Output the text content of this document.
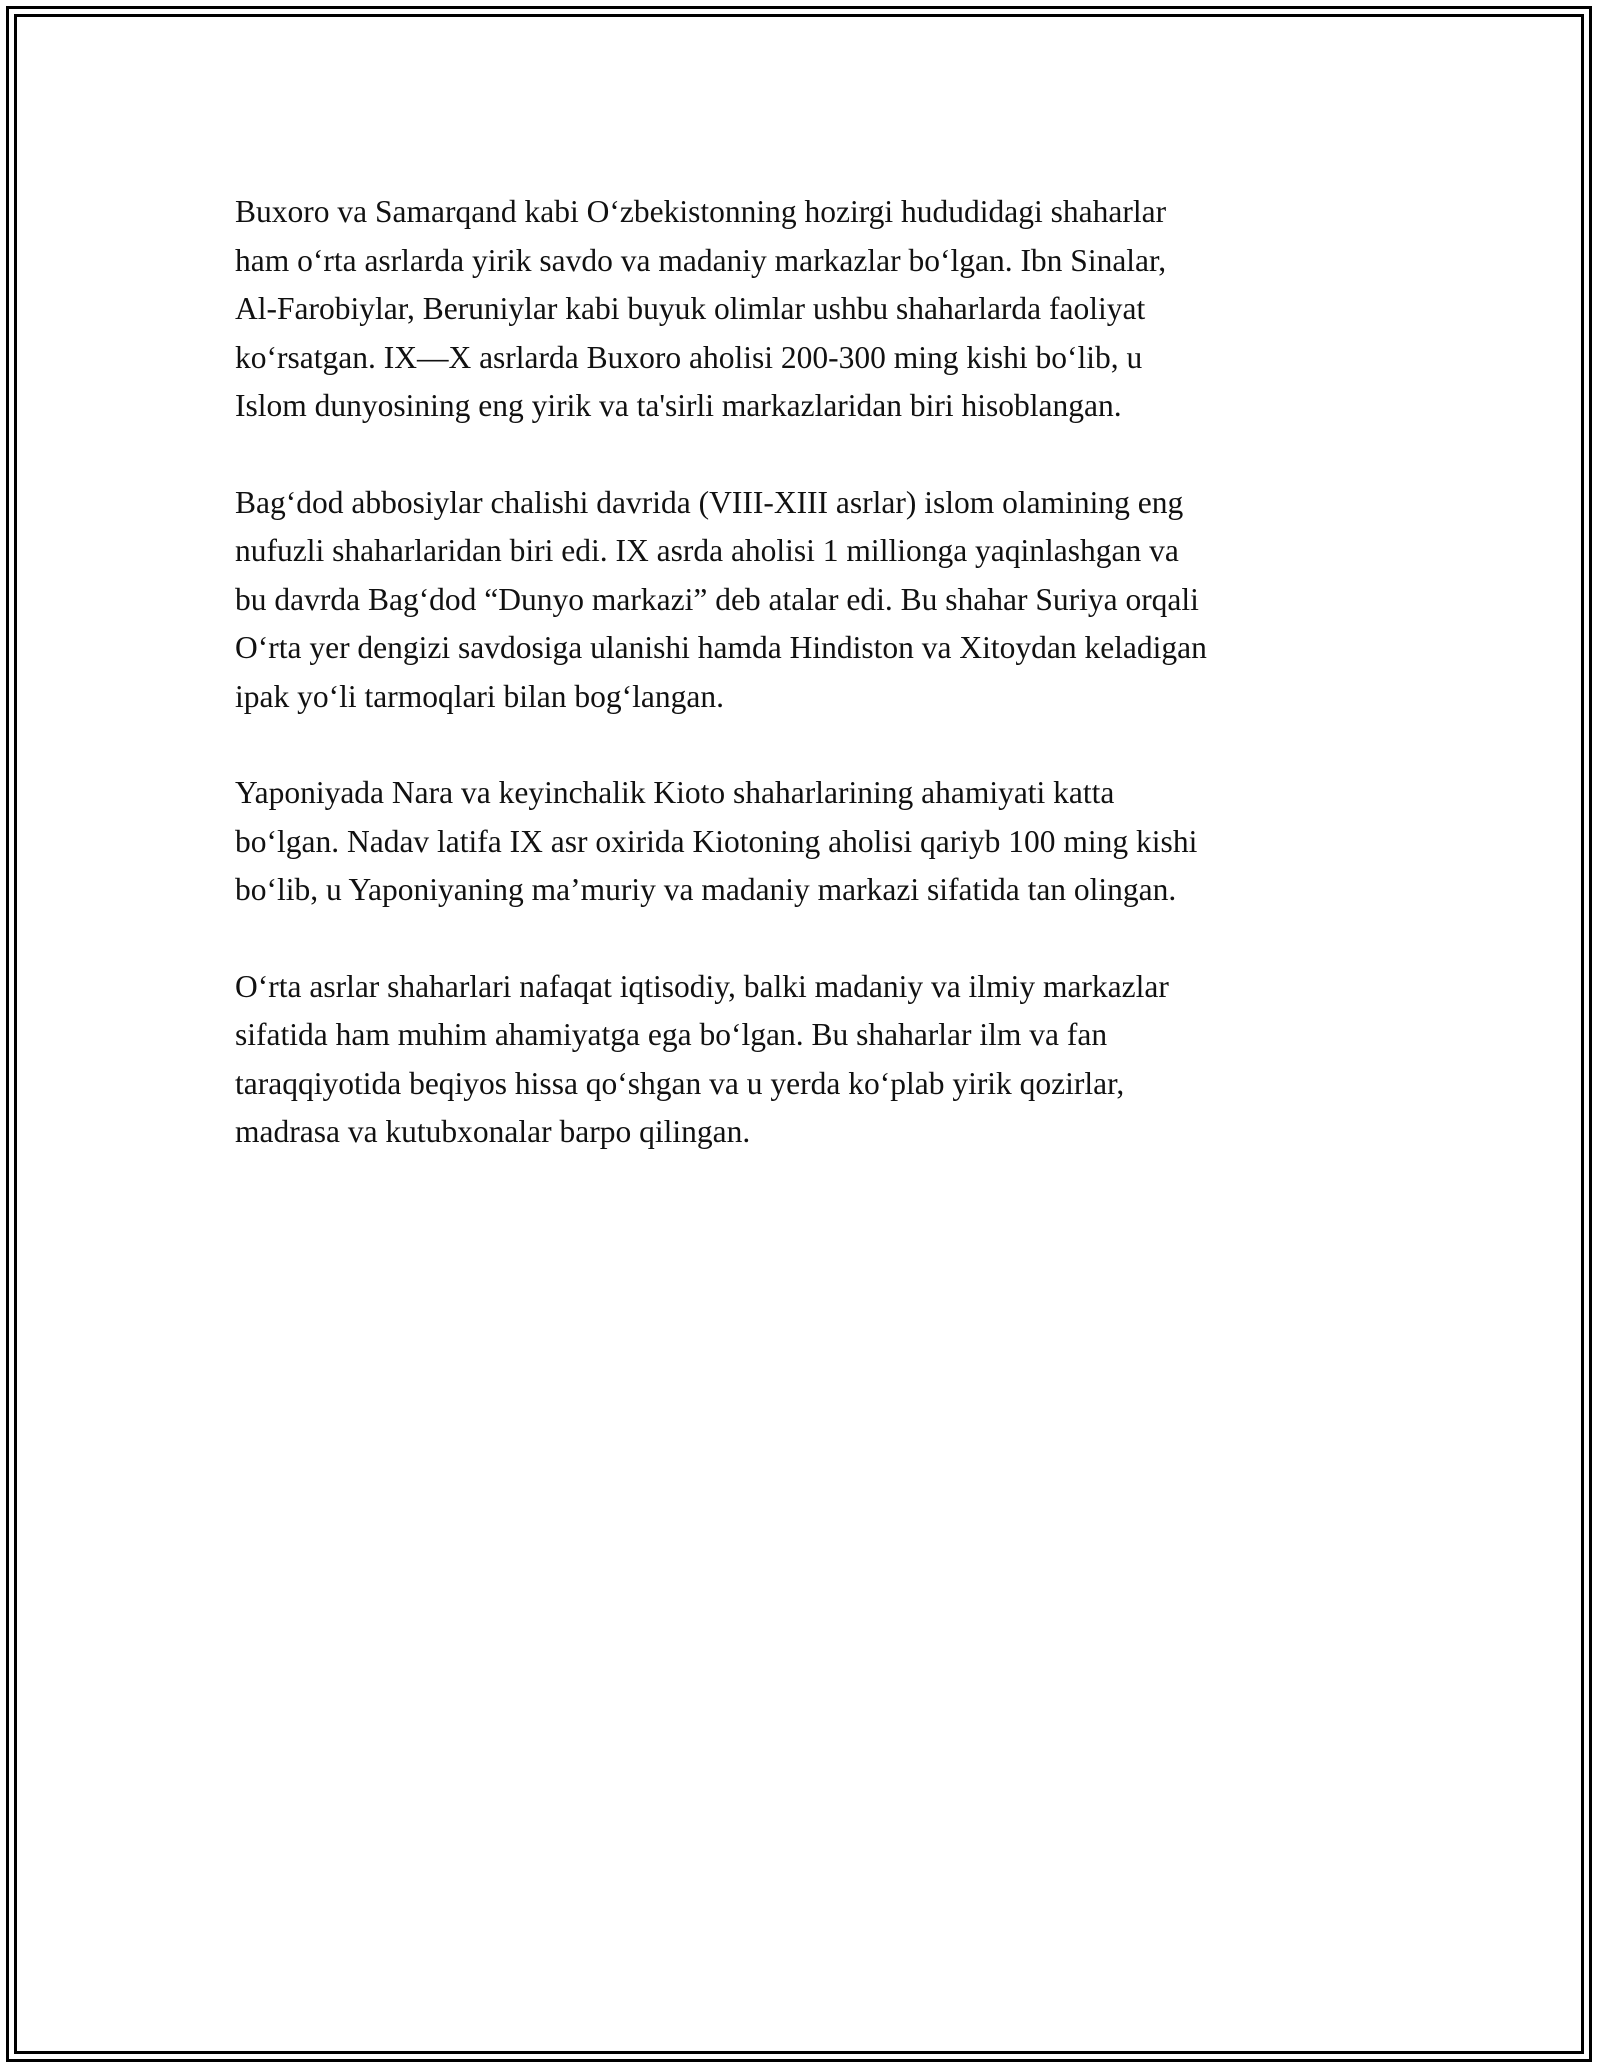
Buxoro va Samarqand kabi O‘zbekistonning hozirgi hududidagi shaharlar
ham o‘rta asrlarda yirik savdo va madaniy markazlar bo‘lgan. Ibn Sinalar,
Al-Farobiylar, Beruniylar kabi buyuk olimlar ushbu shaharlarda faoliyat
ko‘rsatgan. IX—X asrlarda Buxoro aholisi 200-300 ming kishi bo‘lib, u
Islom dunyosining eng yirik va ta'sirli markazlaridan biri hisoblangan.

Bag‘dod abbosiylar chalishi davrida (VIII-XIII asrlar) islom olamining eng
nufuzli shaharlaridan biri edi. IX asrda aholisi 1 millionga yaqinlashgan va
bu davrda Bag‘dod “Dunyo markazi” deb atalar edi. Bu shahar Suriya orqali
O‘rta yer dengizi savdosiga ulanishi hamda Hindiston va Xitoydan keladigan
ipak yo‘li tarmoqlari bilan bog‘langan.

Yaponiyada Nara va keyinchalik Kioto shaharlarining ahamiyati katta
bo‘lgan. Nadav latifa IX asr oxirida Kiotoning aholisi qariyb 100 ming kishi
bo‘lib, u Yaponiyaning ma’muriy va madaniy markazi sifatida tan olingan.

O‘rta asrlar shaharlari nafaqat iqtisodiy, balki madaniy va ilmiy markazlar
sifatida ham muhim ahamiyatga ega bo‘lgan. Bu shaharlar ilm va fan
taraqqiyotida beqiyos hissa qo‘shgan va u yerda ko‘plab yirik qozirlar,
madrasa va kutubxonalar barpo qilingan.
